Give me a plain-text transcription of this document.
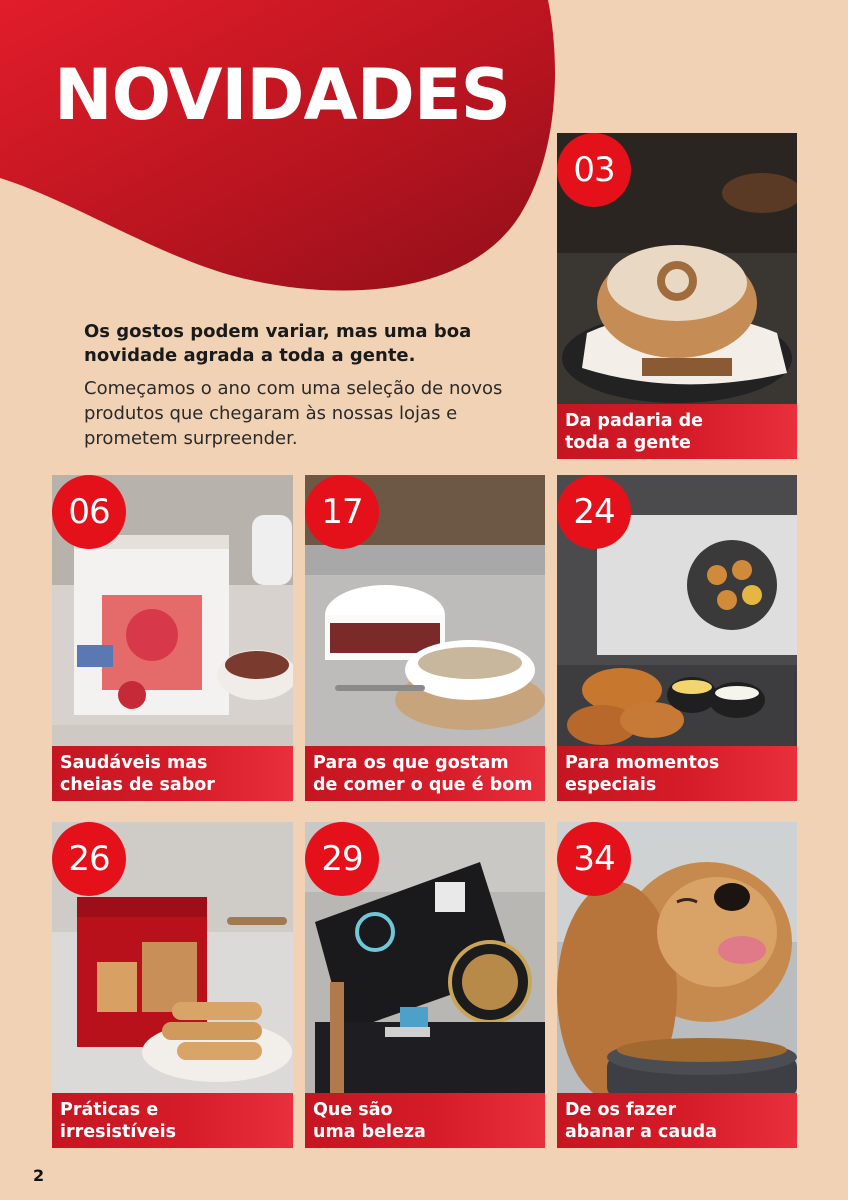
NOVIDADES

Os gostos podem variar, mas uma boa novidade agrada a toda a gente.

Começamos o ano com uma seleção de novos produtos que chegaram às nossas lojas e prometem surpreender.

03
Da padaria de
toda a gente
06
Saudáveis mas
cheias de sabor
17
Para os que gostam
de comer o que é bom
24
Para momentos
especiais
26
Práticas e
irresistíveis
29
Que são
uma beleza
34
De os fazer
abanar a cauda
2
